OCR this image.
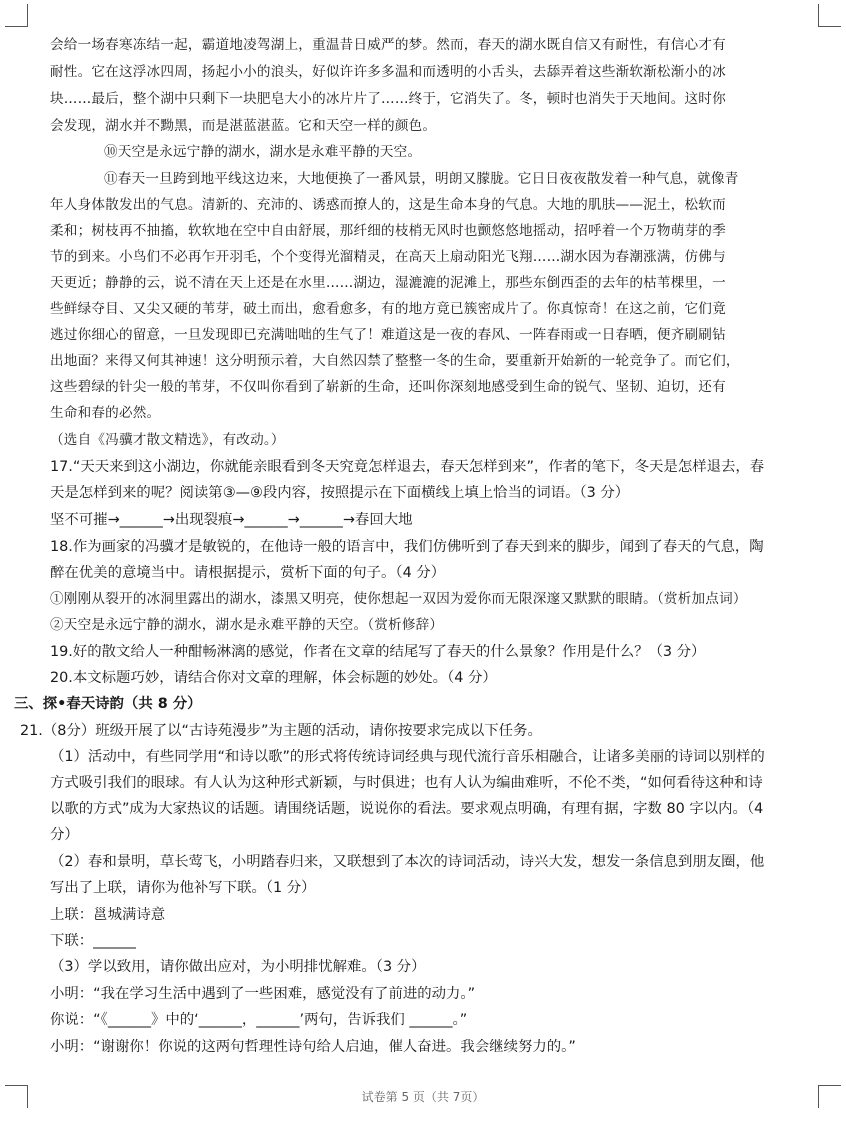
会给一场春寒冻结一起，霸道地凌驾湖上，重温昔日威严的梦。然而，春天的湖水既自信又有耐性，有信心才有
耐性。它在这浮冰四周，扬起小小的浪头，好似许许多多温和而透明的小舌头，去舔弄着这些渐软渐松渐小的冰
块……最后，整个湖中只剩下一块肥皂大小的冰片片了……终于，它消失了。冬，顿时也消失于天地间。这时你
会发现，湖水并不黝黑，而是湛蓝湛蓝。它和天空一样的颜色。
⑩天空是永远宁静的湖水，湖水是永难平静的天空。
⑪春天一旦跨到地平线这边来，大地便换了一番风景，明朗又朦胧。它日日夜夜散发着一种气息，就像青
年人身体散发出的气息。清新的、充沛的、诱惑而撩人的，这是生命本身的气息。大地的肌肤——泥土，松软而
柔和；树枝再不抽搐，软软地在空中自由舒展，那纤细的枝梢无风时也颤悠悠地摇动，招呼着一个万物萌芽的季
节的到来。小鸟们不必再乍开羽毛，个个变得光溜精灵，在高天上扇动阳光飞翔……湖水因为春潮涨满，仿佛与
天更近；静静的云，说不清在天上还是在水里……湖边，湿漉漉的泥滩上，那些东倒西歪的去年的枯苇棵里，一
些鲜绿夺目、又尖又硬的苇芽，破土而出，愈看愈多，有的地方竟已簇密成片了。你真惊奇！在这之前，它们竟
逃过你细心的留意，一旦发现即已充满咄咄的生气了！难道这是一夜的春风、一阵春雨或一日春晒，便齐刷刷钻
出地面？来得又何其神速！这分明预示着，大自然囚禁了整整一冬的生命，要重新开始新的一轮竞争了。而它们，
这些碧绿的针尖一般的苇芽，不仅叫你看到了崭新的生命，还叫你深刻地感受到生命的锐气、坚韧、迫切，还有
生命和春的必然。
（选自《冯骥才散文精选》，有改动。）
17.“天天来到这小湖边，你就能亲眼看到冬天究竟怎样退去，春天怎样到来”，作者的笔下，冬天是怎样退去，春
天是怎样到来的呢？阅读第③—⑨段内容，按照提示在下面横线上填上恰当的词语。（3 分）
坚不可摧→______→出现裂痕→______→______→春回大地
18.作为画家的冯骥才是敏锐的，在他诗一般的语言中，我们仿佛听到了春天到来的脚步，闻到了春天的气息，陶
醉在优美的意境当中。请根据提示，赏析下面的句子。（4 分）
①刚刚从裂开的冰洞里露出的湖水，漆黑又明亮，使你想起一双因为爱你而无限深邃又默默的眼睛。（赏析加点词）
②天空是永远宁静的湖水，湖水是永难平静的天空。（赏析修辞）
19.好的散文给人一种酣畅淋漓的感觉，作者在文章的结尾写了春天的什么景象？作用是什么？（3 分）
20.本文标题巧妙，请结合你对文章的理解，体会标题的妙处。（4 分）
三、探•春天诗韵（共 8 分）
21.（8分）班级开展了以“古诗苑漫步”为主题的活动，请你按要求完成以下任务。
（1）活动中，有些同学用“和诗以歌”的形式将传统诗词经典与现代流行音乐相融合，让诸多美丽的诗词以别样的
方式吸引我们的眼球。有人认为这种形式新颖，与时俱进；也有人认为编曲难听，不伦不类，“如何看待这种和诗
以歌的方式”成为大家热议的话题。请围绕话题，说说你的看法。要求观点明确，有理有据，字数 80 字以内。（4
分）
（2）春和景明，草长莺飞，小明踏春归来，又联想到了本次的诗词活动，诗兴大发，想发一条信息到朋友圈，他
写出了上联，请你为他补写下联。（1 分）
上联：邕城满诗意
下联：______
（3）学以致用，请你做出应对，为小明排忧解难。（3 分）
小明：“我在学习生活中遇到了一些困难，感觉没有了前进的动力。”
你说：“《______》中的‘______，______’两句，告诉我们 ______。”
小明：“谢谢你！你说的这两句哲理性诗句给人启迪，催人奋进。我会继续努力的。”
试卷第 5 页（共 7页）
